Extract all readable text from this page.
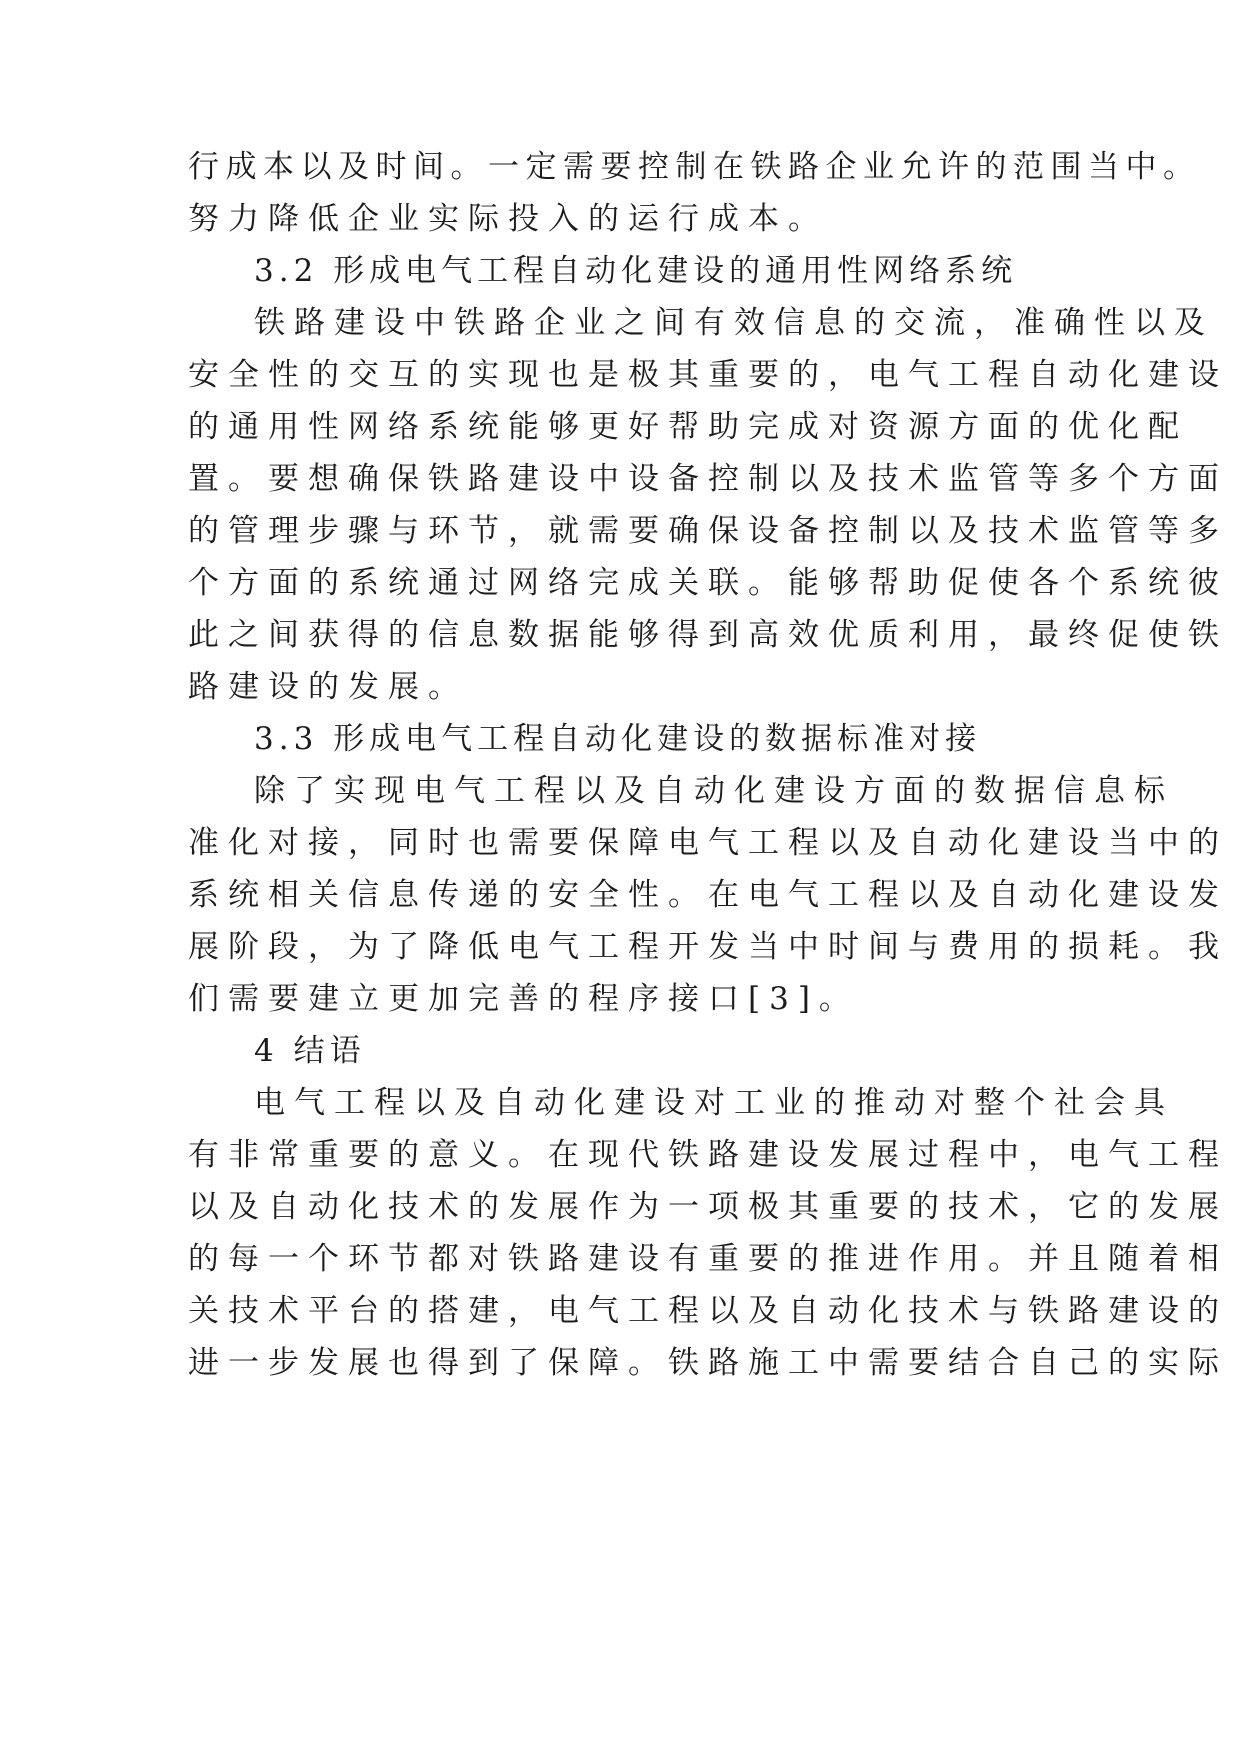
行成本以及时间。一定需要控制在铁路企业允许的范围当中。
努力降低企业实际投入的运行成本。
3.2 形成电气工程自动化建设的通用性网络系统
铁路建设中铁路企业之间有效信息的交流，准确性以及
安全性的交互的实现也是极其重要的，电气工程自动化建设
的通用性网络系统能够更好帮助完成对资源方面的优化配
置。要想确保铁路建设中设备控制以及技术监管等多个方面
的管理步骤与环节，就需要确保设备控制以及技术监管等多
个方面的系统通过网络完成关联。能够帮助促使各个系统彼
此之间获得的信息数据能够得到高效优质利用，最终促使铁
路建设的发展。
3.3 形成电气工程自动化建设的数据标准对接
除了实现电气工程以及自动化建设方面的数据信息标
准化对接，同时也需要保障电气工程以及自动化建设当中的
系统相关信息传递的安全性。在电气工程以及自动化建设发
展阶段，为了降低电气工程开发当中时间与费用的损耗。我
们需要建立更加完善的程序接口[3]。
4 结语
电气工程以及自动化建设对工业的推动对整个社会具
有非常重要的意义。在现代铁路建设发展过程中，电气工程
以及自动化技术的发展作为一项极其重要的技术，它的发展
的每一个环节都对铁路建设有重要的推进作用。并且随着相
关技术平台的搭建，电气工程以及自动化技术与铁路建设的
进一步发展也得到了保障。铁路施工中需要结合自己的实际
